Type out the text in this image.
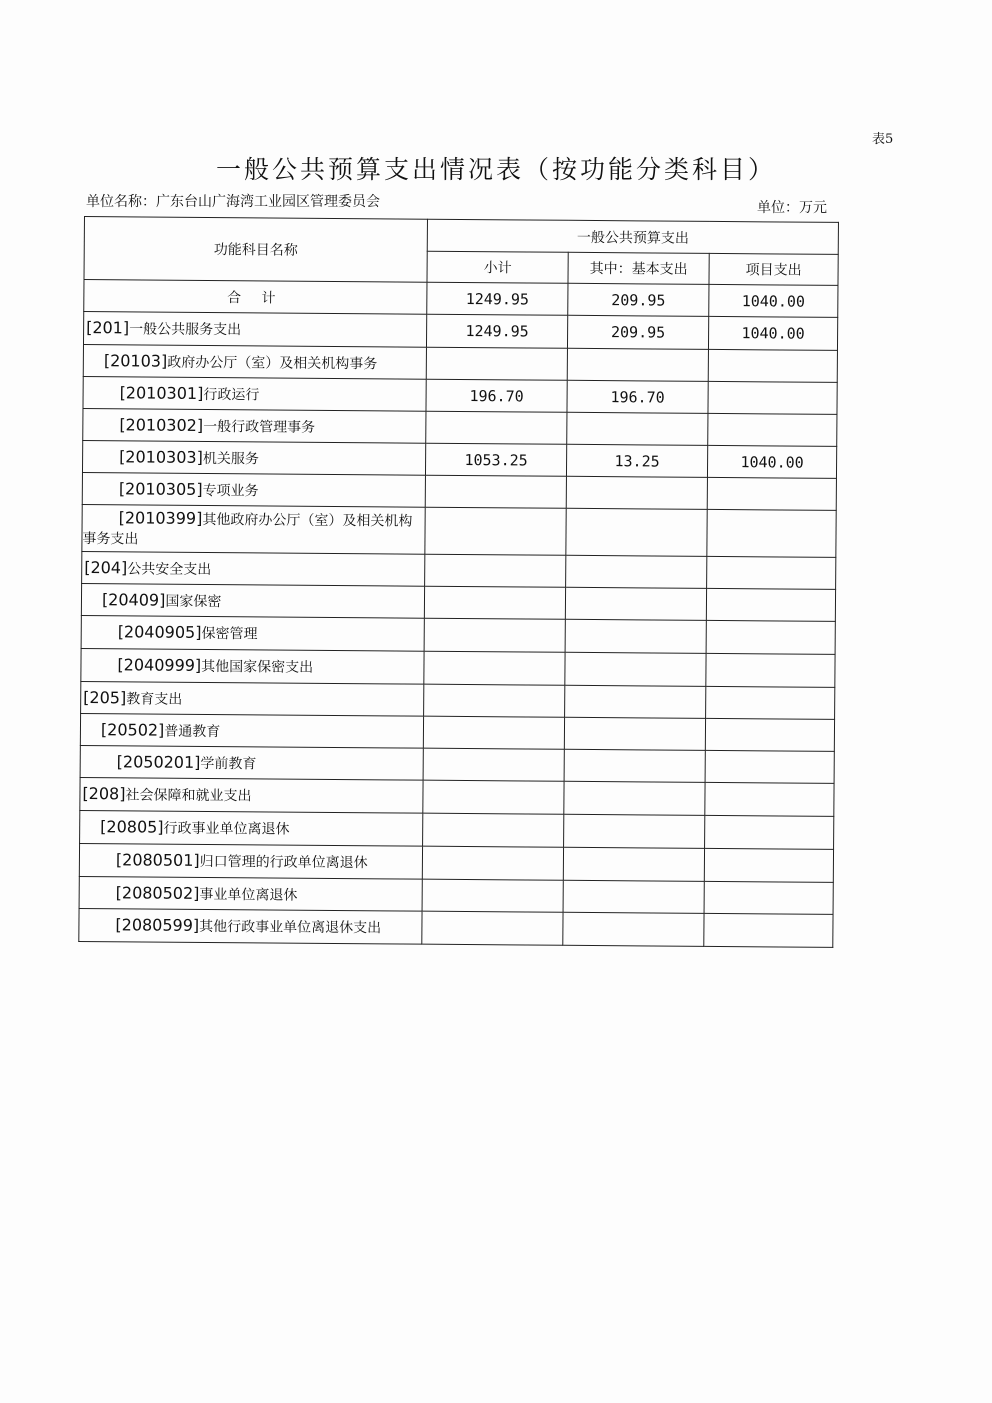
表5
一般公共预算支出情况表（按功能分类科目）
单位名称：广东台山广海湾工业园区管理委员会	单位：万元
功能科目名称	一般公共预算支出		
	小计	其中：基本支出	项目支出
合 计	1249.95	209.95	1040.00
[201]一般公共服务支出	1249.95	209.95	1040.00
[20103]政府办公厅（室）及相关机构事务			
[2010301]行政运行	196.70	196.70	
[2010302]一般行政管理事务			
[2010303]机关服务	1053.25	13.25	1040.00
[2010305]专项业务			
[2010399]其他政府办公厅（室）及相关机构事务支出			
[204]公共安全支出			
[20409]国家保密			
[2040905]保密管理			
[2040999]其他国家保密支出			
[205]教育支出			
[20502]普通教育			
[2050201]学前教育			
[208]社会保障和就业支出			
[20805]行政事业单位离退休			
[2080501]归口管理的行政单位离退休			
[2080502]事业单位离退休			
[2080599]其他行政事业单位离退休支出			
